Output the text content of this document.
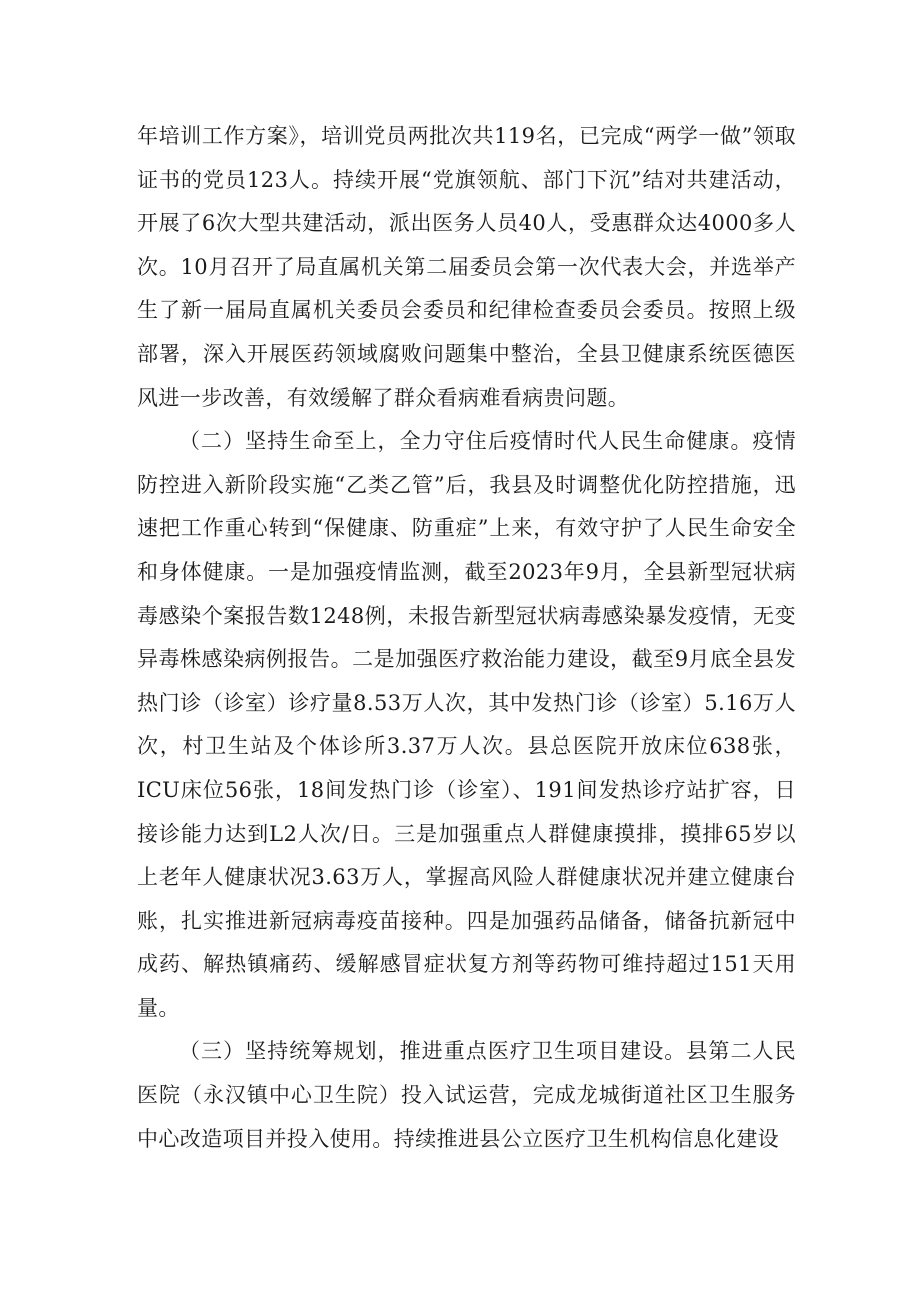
年培训工作方案》，培训党员两批次共119名，已完成“两学一做”领取证书的党员123人。持续开展“党旗领航、部门下沉”结对共建活动，开展了6次大型共建活动，派出医务人员40人，受惠群众达4000多人次。10月召开了局直属机关第二届委员会第一次代表大会，并选举产生了新一届局直属机关委员会委员和纪律检查委员会委员。按照上级部署，深入开展医药领域腐败问题集中整治，全县卫健康系统医德医风进一步改善，有效缓解了群众看病难看病贵问题。

（二）坚持生命至上，全力守住后疫情时代人民生命健康。疫情防控进入新阶段实施“乙类乙管”后，我县及时调整优化防控措施，迅速把工作重心转到“保健康、防重症”上来，有效守护了人民生命安全和身体健康。一是加强疫情监测，截至2023年9月，全县新型冠状病毒感染个案报告数1248例，未报告新型冠状病毒感染暴发疫情，无变异毒株感染病例报告。二是加强医疗救治能力建设，截至9月底全县发热门诊（诊室）诊疗量8.53万人次，其中发热门诊（诊室）5.16万人次，村卫生站及个体诊所3.37万人次。县总医院开放床位638张，ICU床位56张，18间发热门诊（诊室）、191间发热诊疗站扩容，日接诊能力达到L2人次/日。三是加强重点人群健康摸排，摸排65岁以上老年人健康状况3.63万人，掌握高风险人群健康状况并建立健康台账，扎实推进新冠病毒疫苗接种。四是加强药品储备，储备抗新冠中成药、解热镇痛药、缓解感冒症状复方剂等药物可维持超过151天用量。

（三）坚持统筹规划，推进重点医疗卫生项目建设。县第二人民医院（永汉镇中心卫生院）投入试运营，完成龙城街道社区卫生服务中心改造项目并投入使用。持续推进县公立医疗卫生机构信息化建设
